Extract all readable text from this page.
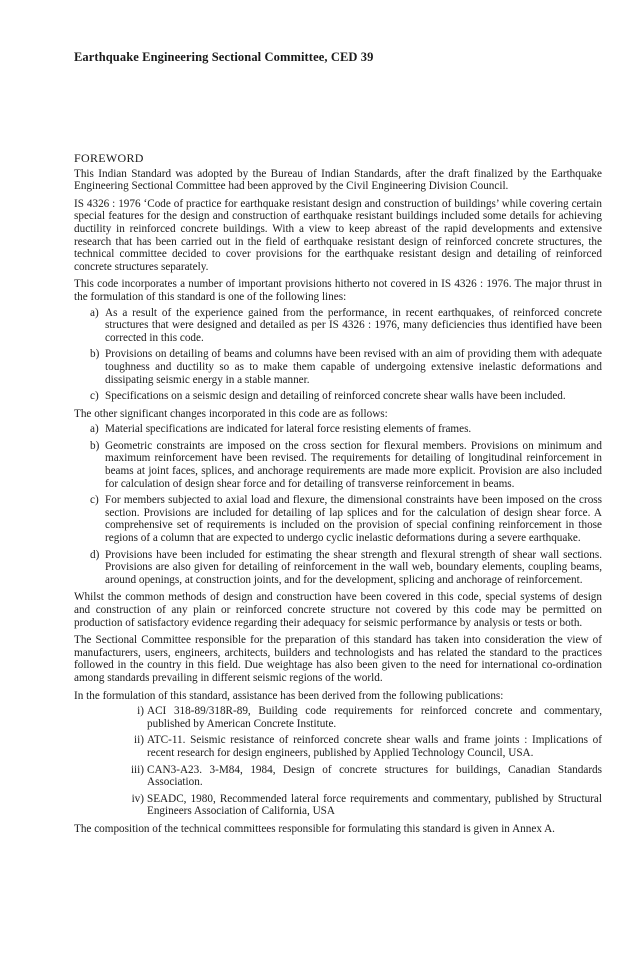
Earthquake Engineering Sectional Committee, CED 39
FOREWORD

This Indian Standard was adopted by the Bureau of Indian Standards, after the draft finalized by the Earthquake Engineering Sectional Committee had been approved by the Civil Engineering Division Council.

IS 4326 : 1976 ‘Code of practice for earthquake resistant design and construction of buildings’ while covering certain special features for the design and construction of earthquake resistant buildings included some details for achieving ductility in reinforced concrete buildings. With a view to keep abreast of the rapid developments and extensive research that has been carried out in the field of earthquake resistant design of reinforced concrete structures, the technical committee decided to cover provisions for the earthquake resistant design and detailing of reinforced concrete structures separately.

This code incorporates a number of important provisions hitherto not covered in IS 4326 : 1976. The major thrust in the formulation of this standard is one of the following lines:

a) As a result of the experience gained from the performance, in recent earthquakes, of reinforced concrete structures that were designed and detailed as per IS 4326 : 1976, many deficiencies thus identified have been corrected in this code.
b) Provisions on detailing of beams and columns have been revised with an aim of providing them with adequate toughness and ductility so as to make them capable of undergoing extensive inelastic deformations and dissipating seismic energy in a stable manner.
c) Specifications on a seismic design and detailing of reinforced concrete shear walls have been included.

The other significant changes incorporated in this code are as follows:

a) Material specifications are indicated for lateral force resisting elements of frames.
b) Geometric constraints are imposed on the cross section for flexural members. Provisions on minimum and maximum reinforcement have been revised. The requirements for detailing of longitudinal reinforcement in beams at joint faces, splices, and anchorage requirements are made more explicit. Provision are also included for calculation of design shear force and for detailing of transverse reinforcement in beams.
c) For members subjected to axial load and flexure, the dimensional constraints have been imposed on the cross section. Provisions are included for detailing of lap splices and for the calculation of design shear force. A comprehensive set of requirements is included on the provision of special confining reinforcement in those regions of a column that are expected to undergo cyclic inelastic deformations during a severe earthquake.
d) Provisions have been included for estimating the shear strength and flexural strength of shear wall sections. Provisions are also given for detailing of reinforcement in the wall web, boundary elements, coupling beams, around openings, at construction joints, and for the development, splicing and anchorage of reinforcement.

Whilst the common methods of design and construction have been covered in this code, special systems of design and construction of any plain or reinforced concrete structure not covered by this code may be permitted on production of satisfactory evidence regarding their adequacy for seismic performance by analysis or tests or both.

The Sectional Committee responsible for the preparation of this standard has taken into consideration the view of manufacturers, users, engineers, architects, builders and technologists and has related the standard to the practices followed in the country in this field. Due weightage has also been given to the need for international co-ordination among standards prevailing in different seismic regions of the world.

In the formulation of this standard, assistance has been derived from the following publications:

i) ACI 318-89/318R-89, Building code requirements for reinforced concrete and commentary, published by American Concrete Institute.
ii) ATC-11. Seismic resistance of reinforced concrete shear walls and frame joints : Implications of recent research for design engineers, published by Applied Technology Council, USA.
iii) CAN3-A23. 3-M84, 1984, Design of concrete structures for buildings, Canadian Standards Association.
iv) SEADC, 1980, Recommended lateral force requirements and commentary, published by Structural Engineers Association of California, USA

The composition of the technical committees responsible for formulating this standard is given in Annex A.
